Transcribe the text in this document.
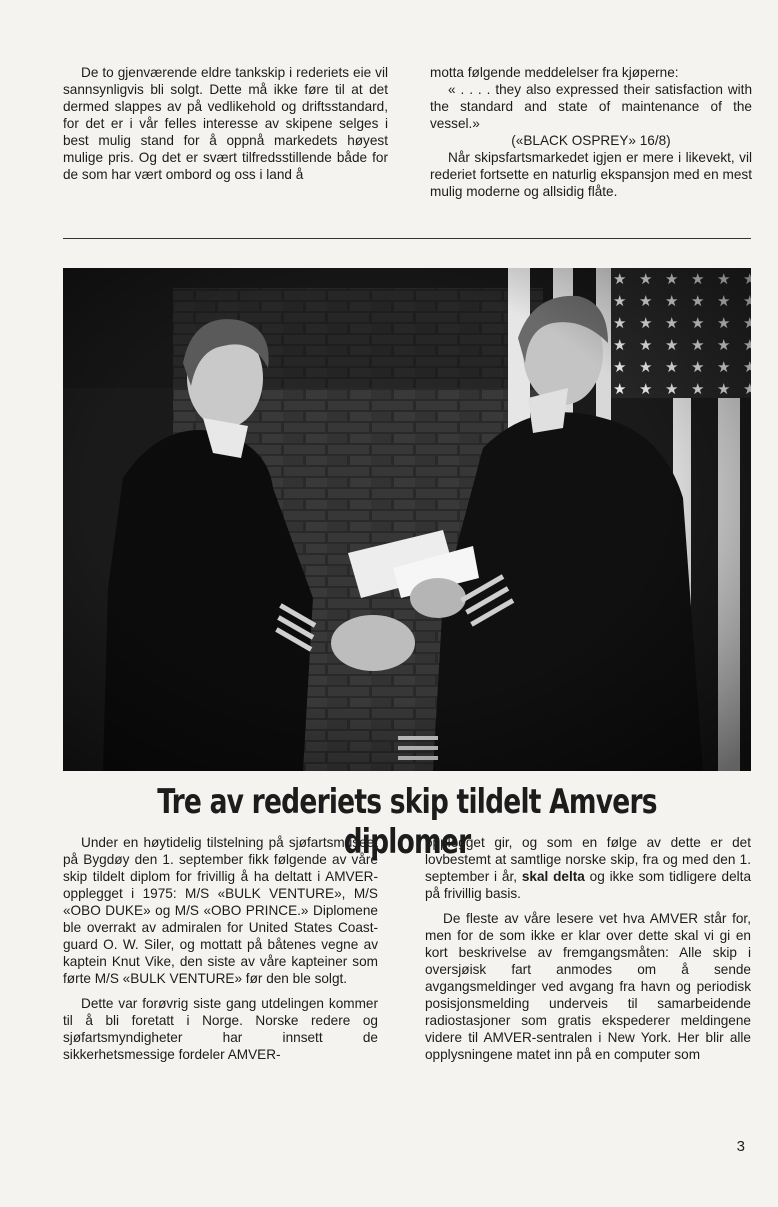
De to gjenværende eldre tankskip i rederiets eie vil sannsynligvis bli solgt. Dette må ikke føre til at det dermed slappes av på vedlikehold og driftsstandard, for det er i vår felles interesse av skipene selges i best mulig stand for å oppnå markedets høyest mulige pris. Og det er svært tilfredsstillende både for de som har vært ombord og oss i land å

motta følgende meddelelser fra kjøperne:

« . . . . they also expressed their satisfaction with the standard and state of maintenance of the vessel.»

(«BLACK OSPREY» 16/8)

Når skipsfartsmarkedet igjen er mere i likevekt, vil rederiet fortsette en naturlig ekspansjon med en mest mulig moderne og allsidig flåte.

Tre av rederiets skip tildelt Amvers diplomer

Under en høytidelig tilstelning på sjøfartsmuseet på Bygdøy den 1. september fikk følgende av våre skip tildelt diplom for frivillig å ha deltatt i AMVER-opplegget i 1975: M/S «BULK VENTURE», M/S «OBO DUKE» og M/S «OBO PRINCE.» Diplomene ble overrakt av admiralen for United States Coast-guard O. W. Siler, og mottatt på båtenes vegne av kaptein Knut Vike, den siste av våre kapteiner som førte M/S «BULK VENTURE» før den ble solgt.

Dette var forøvrig siste gang utdelingen kommer til å bli foretatt i Norge. Norske redere og sjøfartsmyndigheter har innsett de sikkerhetsmessige fordeler AMVER-

opplegget gir, og som en følge av dette er det lovbestemt at samtlige norske skip, fra og med den 1. september i år, skal delta og ikke som tidligere delta på frivillig basis.

De fleste av våre lesere vet hva AMVER står for, men for de som ikke er klar over dette skal vi gi en kort beskrivelse av fremgangsmåten: Alle skip i oversjøisk fart anmodes om å sende avgangsmeldinger ved avgang fra havn og periodisk posisjonsmelding underveis til samarbeidende radiostasjoner som gratis ekspederer meldingene videre til AMVER-sentralen i New York. Her blir alle opplysningene matet inn på en computer som

3
